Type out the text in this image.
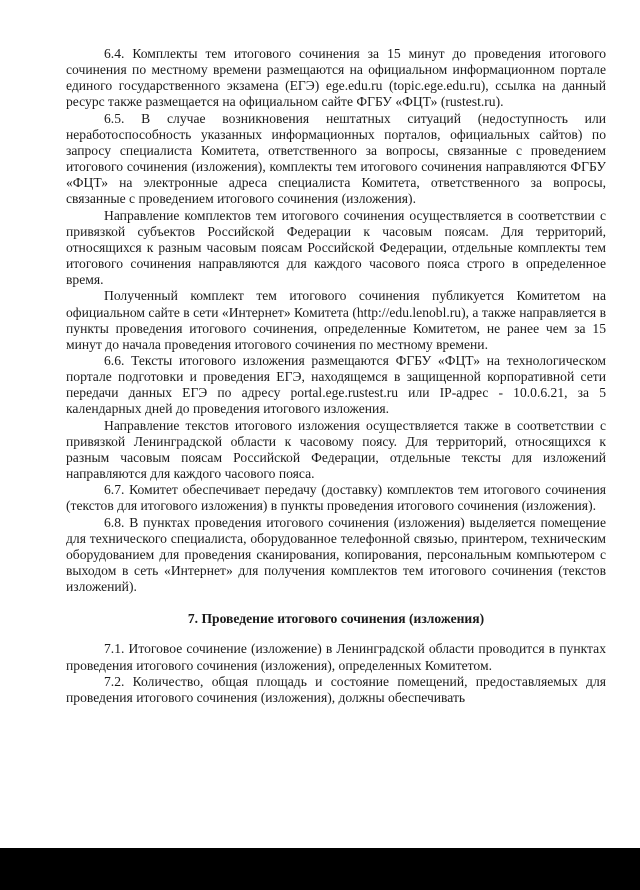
6.4. Комплекты тем итогового сочинения за 15 минут до проведения итогового сочинения по местному времени размещаются на официальном информационном портале единого государственного экзамена (ЕГЭ) ege.edu.ru (topic.ege.edu.ru), ссылка на данный ресурс также размещается на официальном сайте ФГБУ «ФЦТ» (rustest.ru).

6.5. В случае возникновения нештатных ситуаций (недоступность или неработоспособность указанных информационных порталов, официальных сайтов) по запросу специалиста Комитета, ответственного за вопросы, связанные с проведением итогового сочинения (изложения), комплекты тем итогового сочинения направляются ФГБУ «ФЦТ» на электронные адреса специалиста Комитета, ответственного за вопросы, связанные с проведением итогового сочинения (изложения).

Направление комплектов тем итогового сочинения осуществляется в соответствии с привязкой субъектов Российской Федерации к часовым поясам. Для территорий, относящихся к разным часовым поясам Российской Федерации, отдельные комплекты тем итогового сочинения направляются для каждого часового пояса строго в определенное время.

Полученный комплект тем итогового сочинения публикуется Комитетом на официальном сайте в сети «Интернет» Комитета (http://edu.lenobl.ru), а также направляется в пункты проведения итогового сочинения, определенные Комитетом, не ранее чем за 15 минут до начала проведения итогового сочинения по местному времени.

6.6. Тексты итогового изложения размещаются ФГБУ «ФЦТ» на технологическом портале подготовки и проведения ЕГЭ, находящемся в защищенной корпоративной сети передачи данных ЕГЭ по адресу portal.ege.rustest.ru или IP-адрес - 10.0.6.21, за 5 календарных дней до проведения итогового изложения.

Направление текстов итогового изложения осуществляется также в соответствии с привязкой Ленинградской области к часовому поясу. Для территорий, относящихся к разным часовым поясам Российской Федерации, отдельные тексты для изложений направляются для каждого часового пояса.

6.7. Комитет обеспечивает передачу (доставку) комплектов тем итогового сочинения (текстов для итогового изложения) в пункты проведения итогового сочинения (изложения).

6.8. В пунктах проведения итогового сочинения (изложения) выделяется помещение для технического специалиста, оборудованное телефонной связью, принтером, техническим оборудованием для проведения сканирования, копирования, персональным компьютером с выходом в сеть «Интернет» для получения комплектов тем итогового сочинения (текстов изложений).

7. Проведение итогового сочинения (изложения)

7.1. Итоговое сочинение (изложение) в Ленинградской области проводится в пунктах проведения итогового сочинения (изложения), определенных Комитетом.

7.2. Количество, общая площадь и состояние помещений, предоставляемых для проведения итогового сочинения (изложения), должны обеспечивать
